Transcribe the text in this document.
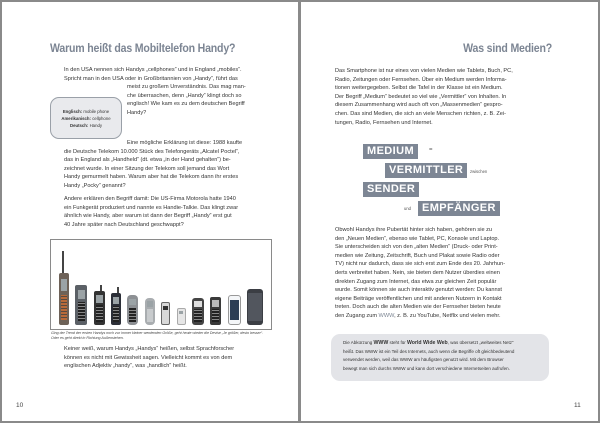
Warum heißt das Mobiltelefon Handy?
In den USA nennen sich Handys „cellphones“ und in England „mobiles“.
Spricht man in den USA oder in Großbritannien von „Handy“, führt das
meist zu großem Unverständnis. Das mag man-
che überraschen, denn „Handy“ klingt doch so
englisch! Wie kam es zu dem deutschen Begriff
Handy?
Englisch: mobile phone
Amerikanisch: cellphone
Deutsch: Handy
Eine mögliche Erklärung ist diese: 1988 kaufte
die Deutsche Telekom 10.000 Stück des Telefongeräts „Alcatel Poctel“,
das in England als „Handheld“ (dt. etwa „in der Hand gehalten“) be-
zeichnet wurde. In einer Sitzung der Telekom soll jemand das Wort
Handy gemurmelt haben. Warum aber hat die Telekom dann ihr erstes
Handy „Pocky“ genannt?
Andere erklären den Begriff damit: Die US-Firma Motorola hatte 1940
ein Funkgerät produziert und nannte es Handie-Talkie. Das klingt zwar
ähnlich wie Handy, aber warum ist dann der Begriff „Handy“ erst gut
40 Jahre später nach Deutschland geschwappt?
Ging der Trend der ersten Handys noch zur immer kleiner werdenden Größe, geht heute wieder die Devise „Je größer, desto besser“.
Oder es geht direkt in Richtung Außenstehen.
Keiner weiß, warum Handys „Handys“ heißen, selbst Sprachforscher
können es nicht mit Gewissheit sagen. Vielleicht kommt es von dem
englischen Adjektiv „handy“, was „handlich“ heißt.
10
Was sind Medien?
Das Smartphone ist nur eines von vielen Medien wie Tablets, Buch, PC,
Radio, Zeitungen oder Fernsehen. Über ein Medium werden Informa-
tionen weitergegeben. Selbst die Tafel in der Klasse ist ein Medium.
Der Begriff „Medium“ bedeutet so viel wie „Vermittler“ von Inhalten. In
diesem Zusammenhang wird auch oft von „Massenmedien“ gespro-
chen. Das sind Medien, die sich an viele Menschen richten, z. B. Zei-
tungen, Radio, Fernsehen und Internet.
MEDIUM	=
VERMITTLER	zwischen
SENDER
und	EMPFÄNGER
Obwohl Handys ihre Pubertät hinter sich haben, gehören sie zu
den „Neuen Medien“, ebenso wie Tablet, PC, Konsole und Laptop.
Sie unterscheiden sich von den „alten Medien“ (Druck- oder Print-
medien wie Zeitung, Zeitschrift, Buch und Plakat sowie Radio oder
TV) nicht nur dadurch, dass sie sich erst zum Ende des 20. Jahrhun-
derts verbreitet haben. Nein, sie bieten dem Nutzer überdies einen
direkten Zugang zum Internet, das etwa zur gleichen Zeit populär
wurde. Somit können sie auch interaktiv genutzt werden: Du kannst
eigene Beiträge veröffentlichen und mit anderen Nutzern in Kontakt
treten. Doch auch die alten Medien wie der Fernseher bieten heute
den Zugang zum WWW, z. B. zu YouTube, Netflix und vielen mehr.
Die Abkürzung WWW steht für World Wide Web, was übersetzt „weltweites Netz“
heißt. Das WWW ist ein Teil des Internets, auch wenn die Begriffe oft gleichbedeutend
verwendet werden, weil das WWW am häufigsten genutzt wird. Mit dem Browser
bewegt man sich durchs WWW und kann dort verschiedene Internetseiten aufrufen.
11
